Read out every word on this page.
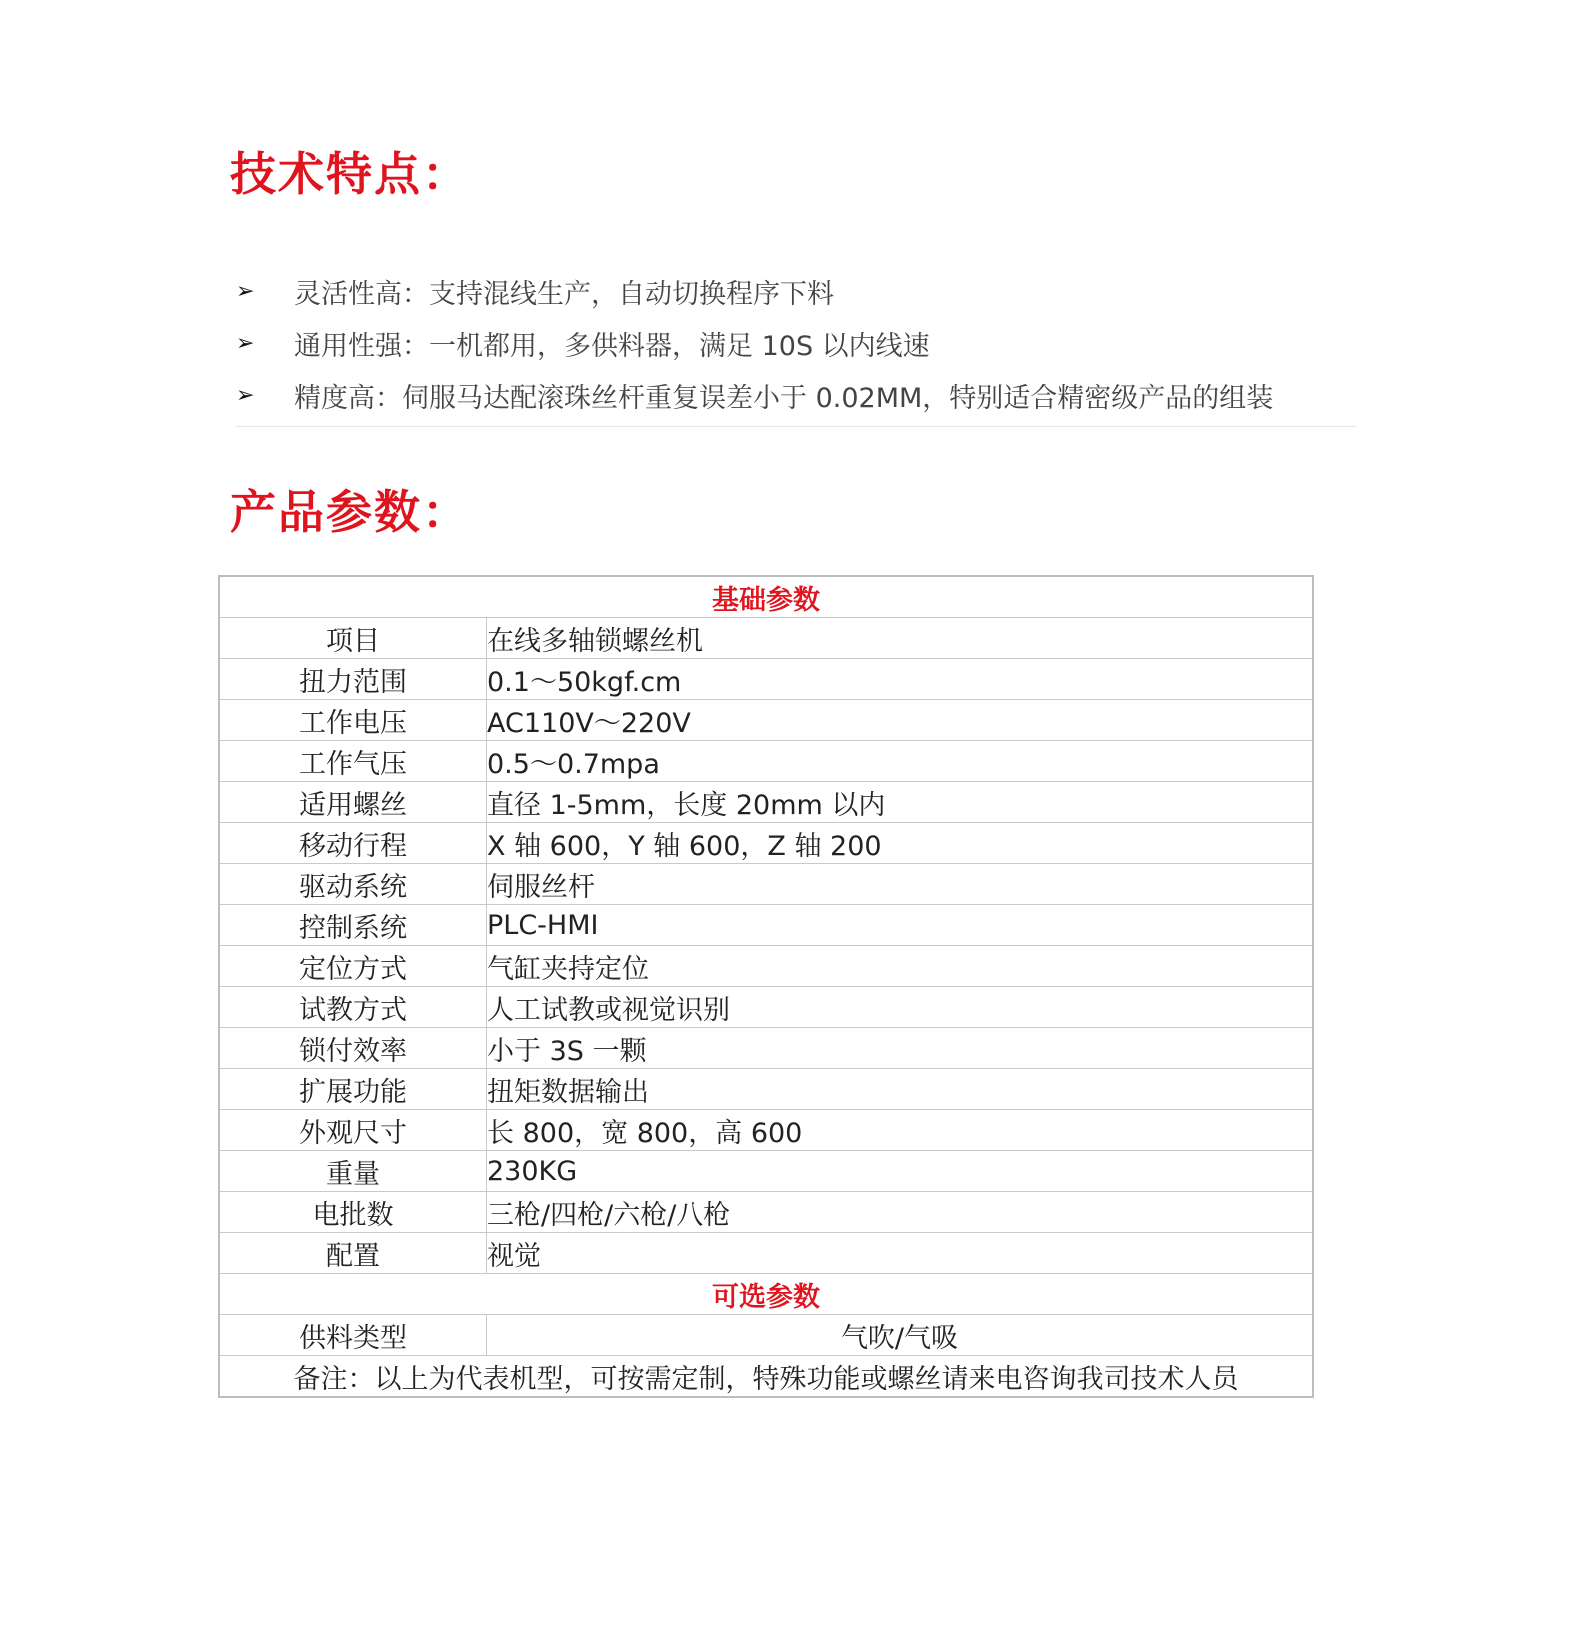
技术特点：
➢	灵活性高：支持混线生产，自动切换程序下料
➢	通用性强：一机都用，多供料器，满足 10S 以内线速
➢	精度高：伺服马达配滚珠丝杆重复误差小于 0.02MM，特别适合精密级产品的组装
产品参数：
基础参数	
项目	在线多轴锁螺丝机
扭力范围	0.1～50kgf.cm
工作电压	AC110V～220V
工作气压	0.5～0.7mpa
适用螺丝	直径 1-5mm，长度 20mm 以内
移动行程	X 轴 600，Y 轴 600，Z 轴 200
驱动系统	伺服丝杆
控制系统	PLC-HMI
定位方式	气缸夹持定位
试教方式	人工试教或视觉识别
锁付效率	小于 3S 一颗
扩展功能	扭矩数据输出
外观尺寸	长 800，宽 800，高 600
重量	230KG
电批数	三枪/四枪/六枪/八枪
配置	视觉
可选参数	
供料类型	气吹/气吸
备注：以上为代表机型，可按需定制，特殊功能或螺丝请来电咨询我司技术人员	
